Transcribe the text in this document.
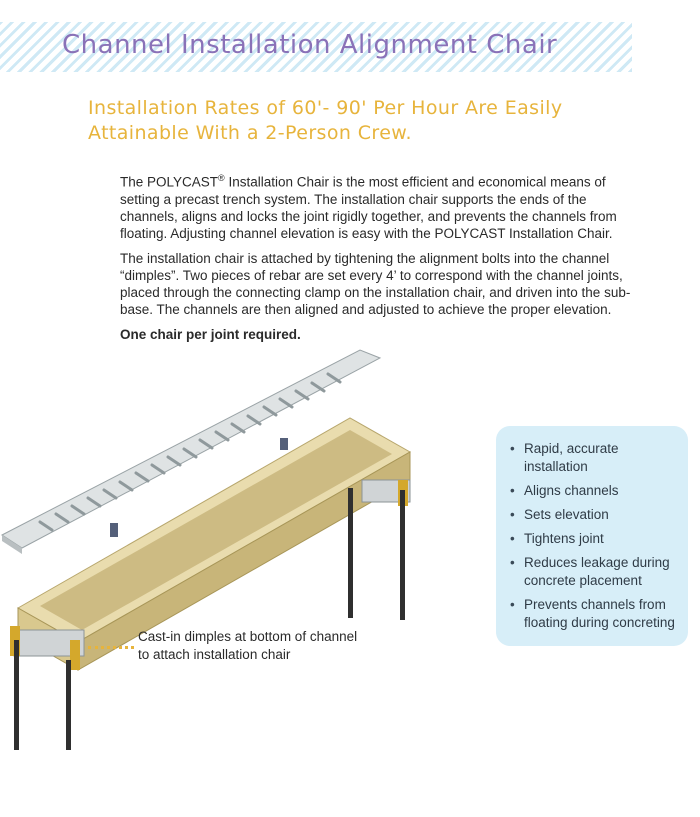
Channel Installation Alignment Chair
Installation Rates of 60'- 90' Per Hour Are Easily Attainable With a 2-Person Crew.

The POLYCAST® Installation Chair is the most efficient and economical means of setting a precast trench system. The installation chair supports the ends of the channels, aligns and locks the joint rigidly together, and prevents the channels from floating. Adjusting channel elevation is easy with the POLYCAST Installation Chair.

The installation chair is attached by tightening the alignment bolts into the channel “dimples”. Two pieces of rebar are set every 4’ to correspond with the channel joints, placed through the connecting clamp on the installation chair, and driven into the sub-base. The channels are then aligned and adjusted to achieve the proper elevation.

One chair per joint required.

• Rapid, accurate installation
• Aligns channels
• Sets elevation
• Tightens joint
• Reduces leakage during concrete placement
• Prevents channels from floating during concreting
Cast-in dimples at bottom of channel
to attach installation chair
